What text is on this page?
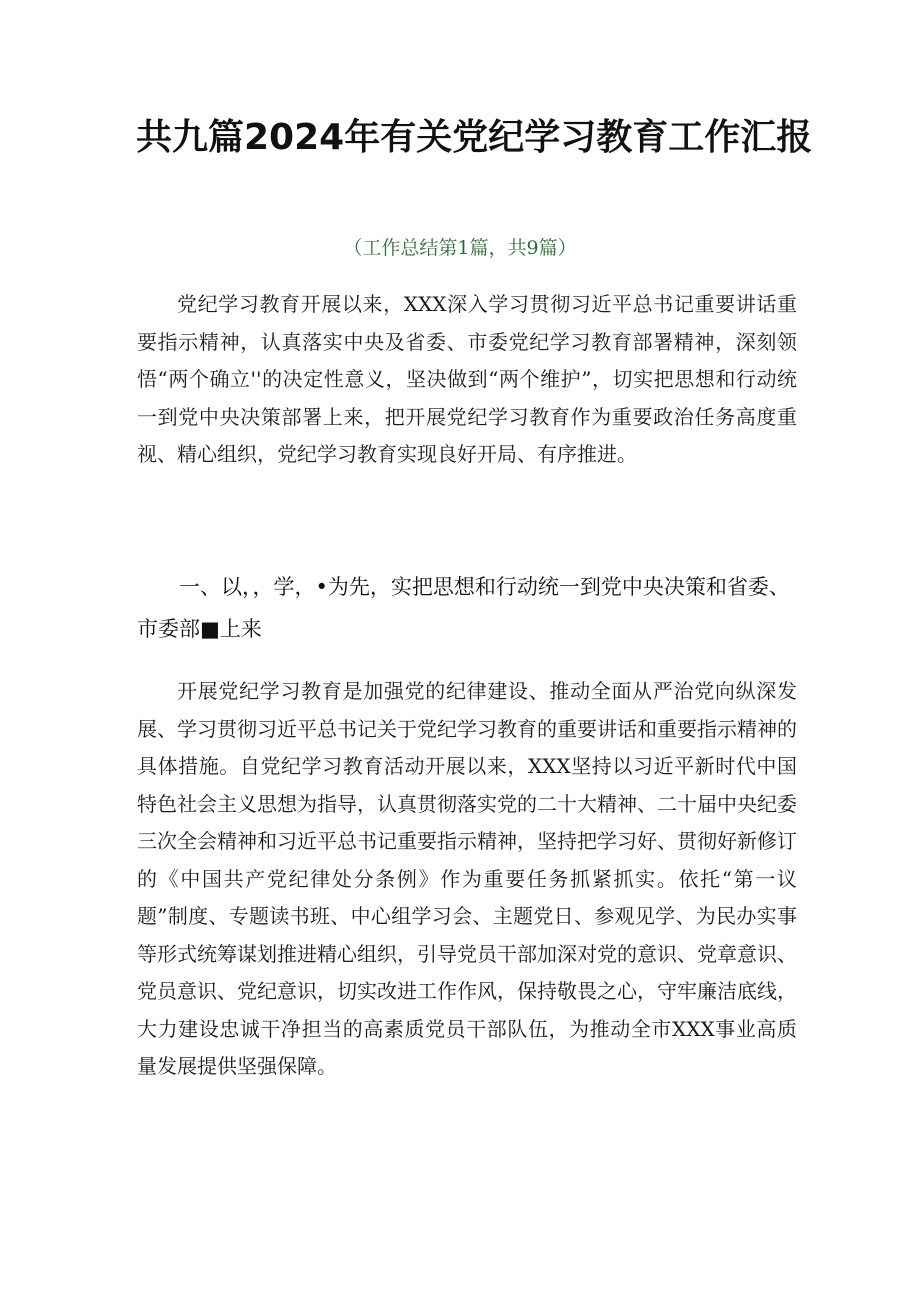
共九篇2024年有关党纪学习教育工作汇报
（工作总结第1篇，共9篇）

党纪学习教育开展以来，XXX深入学习贯彻习近平总书记重要讲话重要指示精神，认真落实中央及省委、市委党纪学习教育部署精神，深刻领悟“两个确立''的决定性意义，坚决做到“两个维护”，切实把思想和行动统一到党中央决策部署上来，把开展党纪学习教育作为重要政治任务高度重视、精心组织，党纪学习教育实现良好开局、有序推进。

一、以，，学，•为先，实把思想和行动统一到党中央决策和省委、市委部■上来

开展党纪学习教育是加强党的纪律建设、推动全面从严治党向纵深发展、学习贯彻习近平总书记关于党纪学习教育的重要讲话和重要指示精神的具体措施。自党纪学习教育活动开展以来，XXX坚持以习近平新时代中国特色社会主义思想为指导，认真贯彻落实党的二十大精神、二十届中央纪委三次全会精神和习近平总书记重要指示精神，坚持把学习好、贯彻好新修订的《中国共产党纪律处分条例》作为重要任务抓紧抓实。依托“第一议题”制度、专题读书班、中心组学习会、主题党日、参观见学、为民办实事等形式统筹谋划推进精心组织，引导党员干部加深对党的意识、党章意识、党员意识、党纪意识，切实改进工作作风，保持敬畏之心，守牢廉洁底线，大力建设忠诚干净担当的高素质党员干部队伍，为推动全市XXX事业高质量发展提供坚强保障。
